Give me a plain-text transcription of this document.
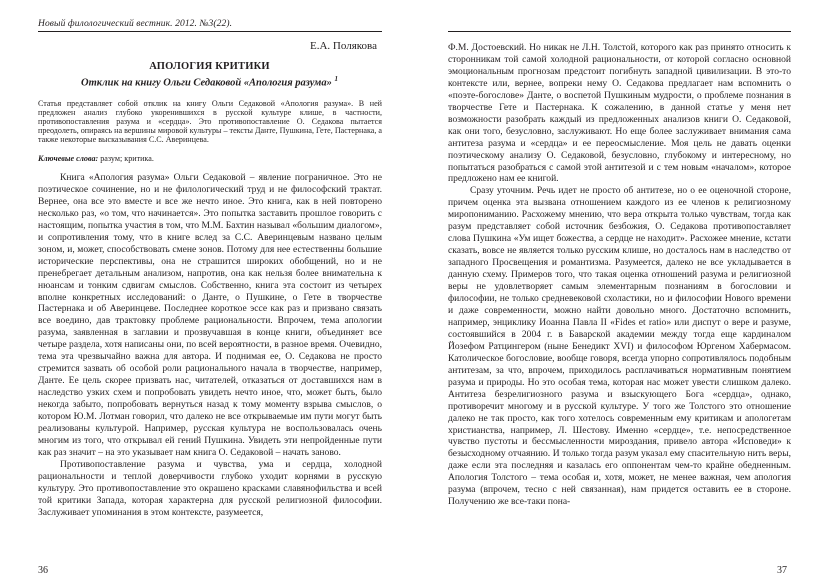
Новый филологический вестник. 2012. №3(22).
Е.А. Полякова
АПОЛОГИЯ КРИТИКИ
Отклик на книгу Ольги Седаковой «Апология разума» $^1$
Статья представляет собой отклик на книгу Ольги Седаковой «Апология разума». В ней предложен анализ глубоко укоренившихся в русской культуре клише, в частности, противопоставления разума и «сердца». Это противопоставление О. Седакова пытается преодолеть, опираясь на вершины мировой культуры – тексты Данте, Пушкина, Гете, Пастернака, а также некоторые высказывания С.С. Аверинцева.
Ключевые слова: разум; критика.

Книга «Апология разума» Ольги Седаковой – явление пограничное. Это не поэтическое сочинение, но и не филологический труд и не философский трактат. Вернее, она все это вместе и все же нечто иное. Это книга, как в ней повторено несколько раз, «о том, что начинается». Это попытка заставить прошлое говорить с настоящим, попытка участия в том, что М.М. Бахтин называл «большим диалогом», и сопротивления тому, что в книге вслед за С.С. Аверинцевым названо целым зоном, и, может, способствовать смене зонов. Потому для нее естественны большие исторические перспективы, она не страшится широких обобщений, но и не пренебрегает детальным анализом, напротив, она как нельзя более внимательна к нюансам и тонким сдвигам смыслов. Собственно, книга эта состоит из четырех вполне конкретных исследований: о Данте, о Пушкине, о Гете в творчестве Пастернака и об Аверинцеве. Последнее короткое эссе как раз и призвано связать все воедино, дав трактовку проблеме рациональности. Впрочем, тема апологии разума, заявленная в заглавии и прозвучавшая в конце книги, объединяет все четыре раздела, хотя написаны они, по всей вероятности, в разное время. Очевидно, тема эта чрезвычайно важна для автора. И поднимая ее, О. Седакова не просто стремится зазвать об особой роли рационального начала в творчестве, например, Данте. Ее цель скорее призвать нас, читателей, отказаться от доставшихся нам в наследство узких схем и попробовать увидеть нечто иное, что, может быть, было некогда забыто, попробовать вернуться назад к тому моменту взрыва смыслов, о котором Ю.М. Лотман говорил, что далеко не все открываемые им пути могут быть реализованы культурой. Например, русская культура не воспользовалась очень многим из того, что открывал ей гений Пушкина. Увидеть эти непройденные пути как раз значит – на это указывает нам книга О. Седаковой – начать заново.

Противопоставление разума и чувства, ума и сердца, холодной рациональности и теплой доверчивости глубоко уходит корнями в русскую культуру. Это противопоставление это окрашено красками славянофильства и всей той критики Запада, которая характерна для русской религиозной философии. Заслуживает упоминания в этом контексте, разумеется,

36

Ф.М. Достоевский. Но никак не Л.Н. Толстой, которого как раз принято относить к сторонникам той самой холодной рациональности, от которой согласно основной эмоциональным прогнозам предстоит погибнуть западной цивилизации. В это-то контексте или, вернее, вопреки нему О. Седакова предлагает нам вспомнить о «поэте-богослове» Данте, о воспетой Пушкиным мудрости, о проблеме познания в творчестве Гете и Пастернака. К сожалению, в данной статье у меня нет возможности разобрать каждый из предложенных анализов книги О. Седаковой, как они того, безусловно, заслуживают. Но еще более заслуживает внимания сама антитеза разума и «сердца» и ее переосмысление. Моя цель не давать оценки поэтическому анализу О. Седаковой, безусловно, глубокому и интересному, но попытаться разобраться с самой этой антитезой и с тем новым «началом», которое предложено нам ее книгой.

Сразу уточним. Речь идет не просто об антитезе, но о ее оценочной стороне, причем оценка эта вызвана отношением каждого из ее членов к религиозному миропониманию. Расхожему мнению, что вера открыта только чувствам, тогда как разум представляет собой источник безбожия, О. Седакова противопоставляет слова Пушкина «Ум ищет божества, а сердце не находит». Расхожее мнение, кстати сказать, вовсе не является только русским клише, но досталось нам в наследство от западного Просвещения и романтизма. Разумеется, далеко не все укладывается в данную схему. Примеров того, что такая оценка отношений разума и религиозной веры не удовлетворяет самым элементарным познаниям в богословии и философии, не только средневековой схоластики, но и философии Нового времени и даже современности, можно найти довольно много. Достаточно вспомнить, например, энциклику Иоанна Павла II «Fides et ratio» или диспут о вере и разуме, состоявшийся в 2004 г. в Баварской академии между тогда еще кардиналом Йозефом Ратцингером (ныне Бенедикт XVI) и философом Юргеном Хабермасом. Католическое богословие, вообще говоря, всегда упорно сопротивлялось подобным антитезам, за что, впрочем, приходилось расплачиваться нормативным понятием разума и природы. Но это особая тема, которая нас может увести слишком далеко. Антитеза безрелигиозного разума и взыскующего Бога «сердца», однако, противоречит многому и в русской культуре. У того же Толстого это отношение далеко не так просто, как того хотелось современным ему критикам и апологетам христианства, например, Л. Шестову. Именно «сердце», т.е. непосредственное чувство пустоты и бессмысленности мироздания, привело автора «Исповеди» к безысходному отчаянию. И только тогда разум указал ему спасительную нить веры, даже если эта последняя и казалась его оппонентам чем-то крайне обедненным. Апология Толстого – тема особая и, хотя, может, не менее важная, чем апология разума (впрочем, тесно с ней связанная), нам придется оставить ее в стороне. Получению же все-таки пона-

37
